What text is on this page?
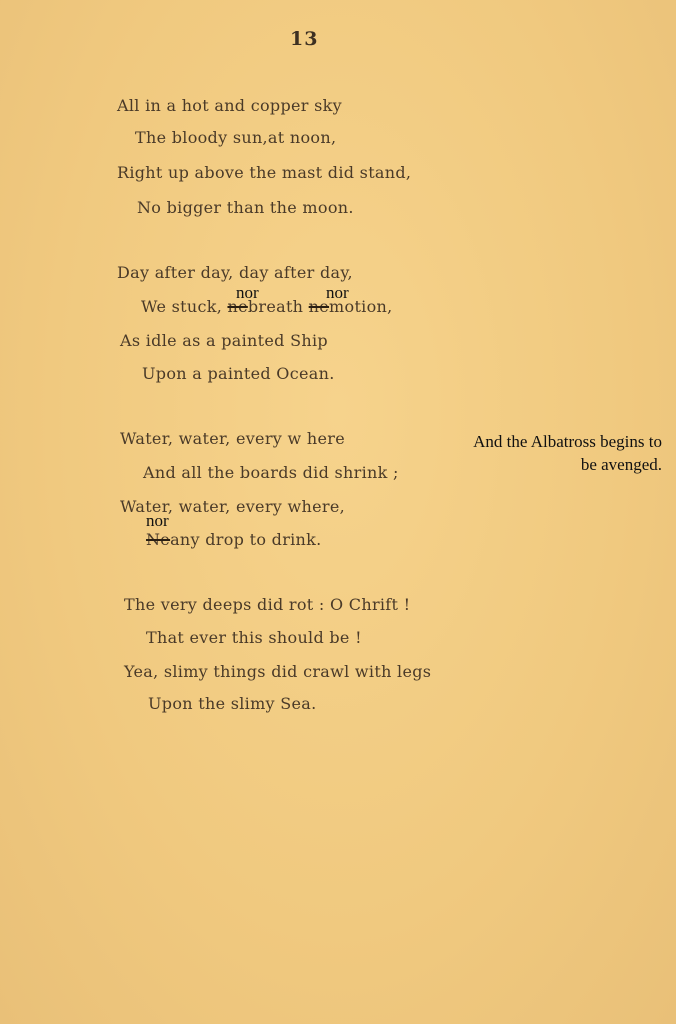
13
All in a hot and copper sky
The bloody sun,at noon,
Right up above the mast did stand,
No bigger than the moon.
Day after day, day after day,
nor	nor
We stuck, nebreath nemotion,
As idle as a painted Ship
Upon a painted Ocean.
Water, water, every w here
And all the boards did shrink ;
Water, water, every where,
nor
Neany drop to drink.
And the Albatross begins to
be avenged.
The very deeps did rot : O Chrift !
That ever this should be !
Yea, slimy things did crawl with legs
Upon the slimy Sea.
